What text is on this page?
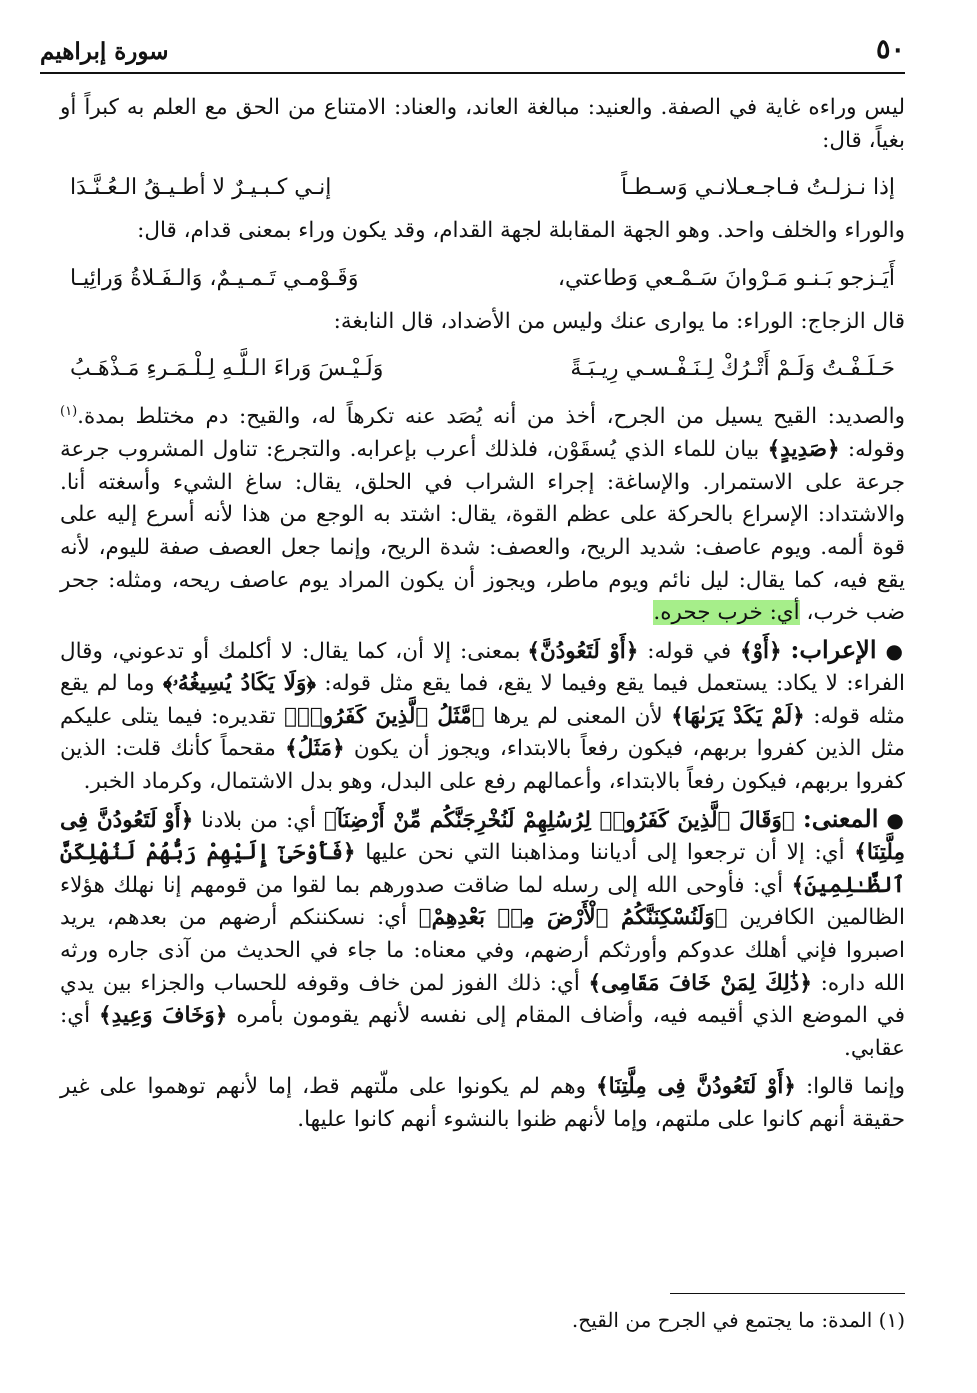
٥٠
سورة إبراهيم

ليس وراءه غاية في الصفة. والعنيد: مبالغة العاند، والعناد: الامتناع من الحق مع العلم به كبراً أو بغياً، قال:

إذا نـزلـتُ فـاجـعـلانـي وَسـطـاً
إنـي كـبـيـرٌ لا أطـيـقُ الـعُـنَّـدَا

والوراء والخلف واحد. وهو الجهة المقابلة لجهة القدام، وقد يكون وراء بمعنى قدام، قال:

أَيَـزجو بَـنـو مَـرْوانَ سَـمْـعي وَطاعتي،
وَقَـوْمـي تَـمـيـمٌ، وَالـفَـلاةُ وَرائِيـا

قال الزجاج: الوراء: ما يوارى عنك وليس من الأضداد، قال النابغة:

حَـلَـفْـتُ وَلَـمْ أَتْـرُكْ لِـنَـفْـسـي رِيـبَـةً
وَلَـيْـسَ وَراءَ الـلَّـهِ لِـلْـمَـرءِ مَـذْهَـبُ

والصديد: القيح يسيل من الجرح، أخذ من أنه يُصَد عنه تكرهاً له، والقيح: دم مختلط بمدة.$^{(١)}$ وقوله: ﴿صَدِيدٍ﴾ بيان للماء الذي يُسقَوْن، فلذلك أعرب بإعرابه. والتجرع: تناول المشروب جرعة جرعة على الاستمرار. والإساغة: إجراء الشراب في الحلق، يقال: ساغ الشيء وأسغته أنا. والاشتداد: الإسراع بالحركة على عظم القوة، يقال: اشتد به الوجع من هذا لأنه أسرع إليه على قوة ألمه. ويوم عاصف: شديد الريح، والعصف: شدة الريح، وإنما جعل العصف صفة لليوم، لأنه يقع فيه، كما يقال: ليل نائم ويوم ماطر، ويجوز أن يكون المراد يوم عاصف ريحه، ومثله: جحر ضب خرب، أي: خرب جحره.

● الإعراب: ﴿أَوْ﴾ في قوله: ﴿أَوْ لَتَعُودُنَّ﴾ بمعنى: إلا أن، كما يقال: لا أكلمك أو تدعوني، وقال الفراء: لا يكاد: يستعمل فيما يقع وفيما لا يقع، فما يقع مثل قوله: ﴿وَلَا يَكَادُ يُسِيغُهُۥ﴾ وما لم يقع مثله قوله: ﴿لَمْ يَكَدْ يَرَىٰهَا﴾ لأن المعنى لم يرها ﴿مَّثَلُ ٱلَّذِينَ كَفَرُوا۟﴾ تقديره: فيما يتلى عليكم مثل الذين كفروا بربهم، فيكون رفعاً بالابتداء، ويجوز أن يكون ﴿مَثَلُ﴾ مقحماً كأنك قلت: الذين كفروا بربهم، فيكون رفعاً بالابتداء، وأعمالهم رفع على البدل، وهو بدل الاشتمال، وكرماد الخبر.

● المعنى: ﴿وَقَالَ ٱلَّذِينَ كَفَرُوا۟ لِرُسُلِهِمْ لَنُخْرِجَنَّكُم مِّنْ أَرْضِنَآ﴾ أي: من بلادنا ﴿أَوْ لَتَعُودُنَّ فِى مِلَّتِنَا﴾ أي: إلا أن ترجعوا إلى أدياننا ومذاهبنا التي نحن عليها ﴿فَأَوْحَىٰٓ إِلَيْهِمْ رَبُّهُمْ لَنُهْلِكَنَّ ٱلظَّـٰلِمِينَ﴾ أي: فأوحى الله إلى رسله لما ضاقت صدورهم بما لقوا من قومهم إنا نهلك هؤلاء الظالمين الكافرين ﴿وَلَنُسْكِنَنَّكُمُ ٱلْأَرْضَ مِنۢ بَعْدِهِمْ﴾ أي: نسكننكم أرضهم من بعدهم، يريد اصبروا فإني أهلك عدوكم وأورثكم أرضهم، وفي معناه: ما جاء في الحديث من آذى جاره ورثه الله داره: ﴿ذَٰلِكَ لِمَنْ خَافَ مَقَامِى﴾ أي: ذلك الفوز لمن خاف وقوفه للحساب والجزاء بين يدي في الموضع الذي أقيمه فيه، وأضاف المقام إلى نفسه لأنهم يقومون بأمره ﴿وَخَافَ وَعِيدِ﴾ أي: عقابي.

وإنما قالوا: ﴿أَوْ لَتَعُودُنَّ فِى مِلَّتِنَا﴾ وهم لم يكونوا على ملّتهم قط، إما لأنهم توهموا على غير حقيقة أنهم كانوا على ملتهم، وإما لأنهم ظنوا بالنشوء أنهم كانوا عليها.

(١) المدة: ما يجتمع في الجرح من القيح.
